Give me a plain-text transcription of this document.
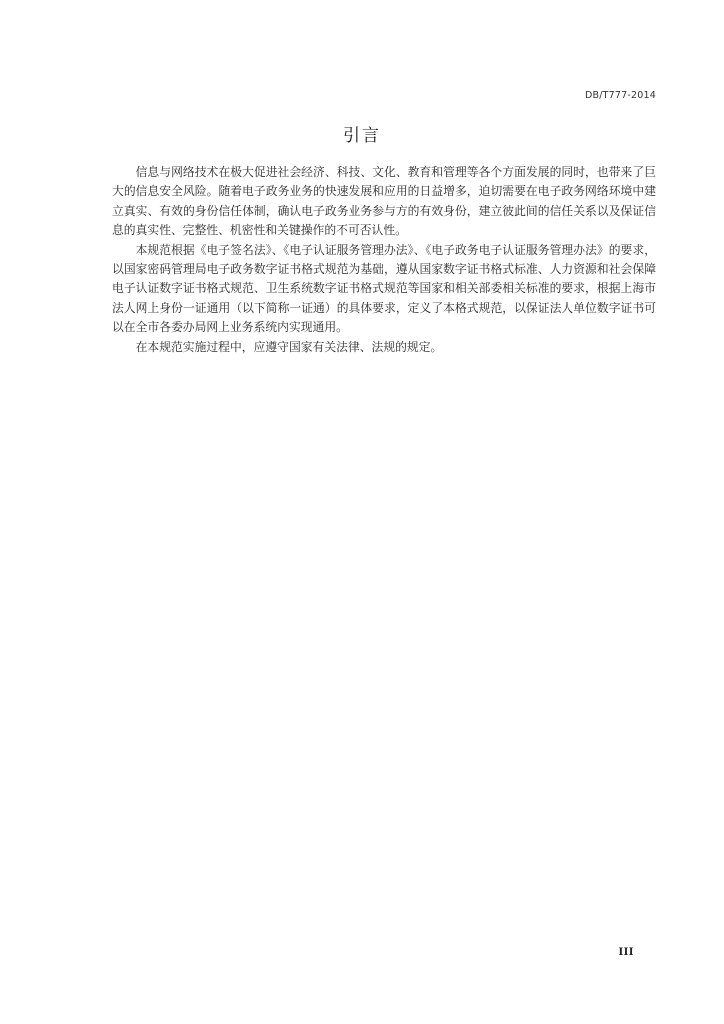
DB/T777-2014
引言

信息与网络技术在极大促进社会经济、科技、文化、教育和管理等各个方面发展的同时，也带来了巨大的信息安全风险。随着电子政务业务的快速发展和应用的日益增多，迫切需要在电子政务网络环境中建立真实、有效的身份信任体制，确认电子政务业务参与方的有效身份，建立彼此间的信任关系以及保证信息的真实性、完整性、机密性和关键操作的不可否认性。

本规范根据《电子签名法》、《电子认证服务管理办法》、《电子政务电子认证服务管理办法》的要求，以国家密码管理局电子政务数字证书格式规范为基础，遵从国家数字证书格式标准、人力资源和社会保障电子认证数字证书格式规范、卫生系统数字证书格式规范等国家和相关部委相关标准的要求，根据上海市法人网上身份一证通用（以下简称一证通）的具体要求，定义了本格式规范，以保证法人单位数字证书可以在全市各委办局网上业务系统内实现通用。

在本规范实施过程中，应遵守国家有关法律、法规的规定。

III
